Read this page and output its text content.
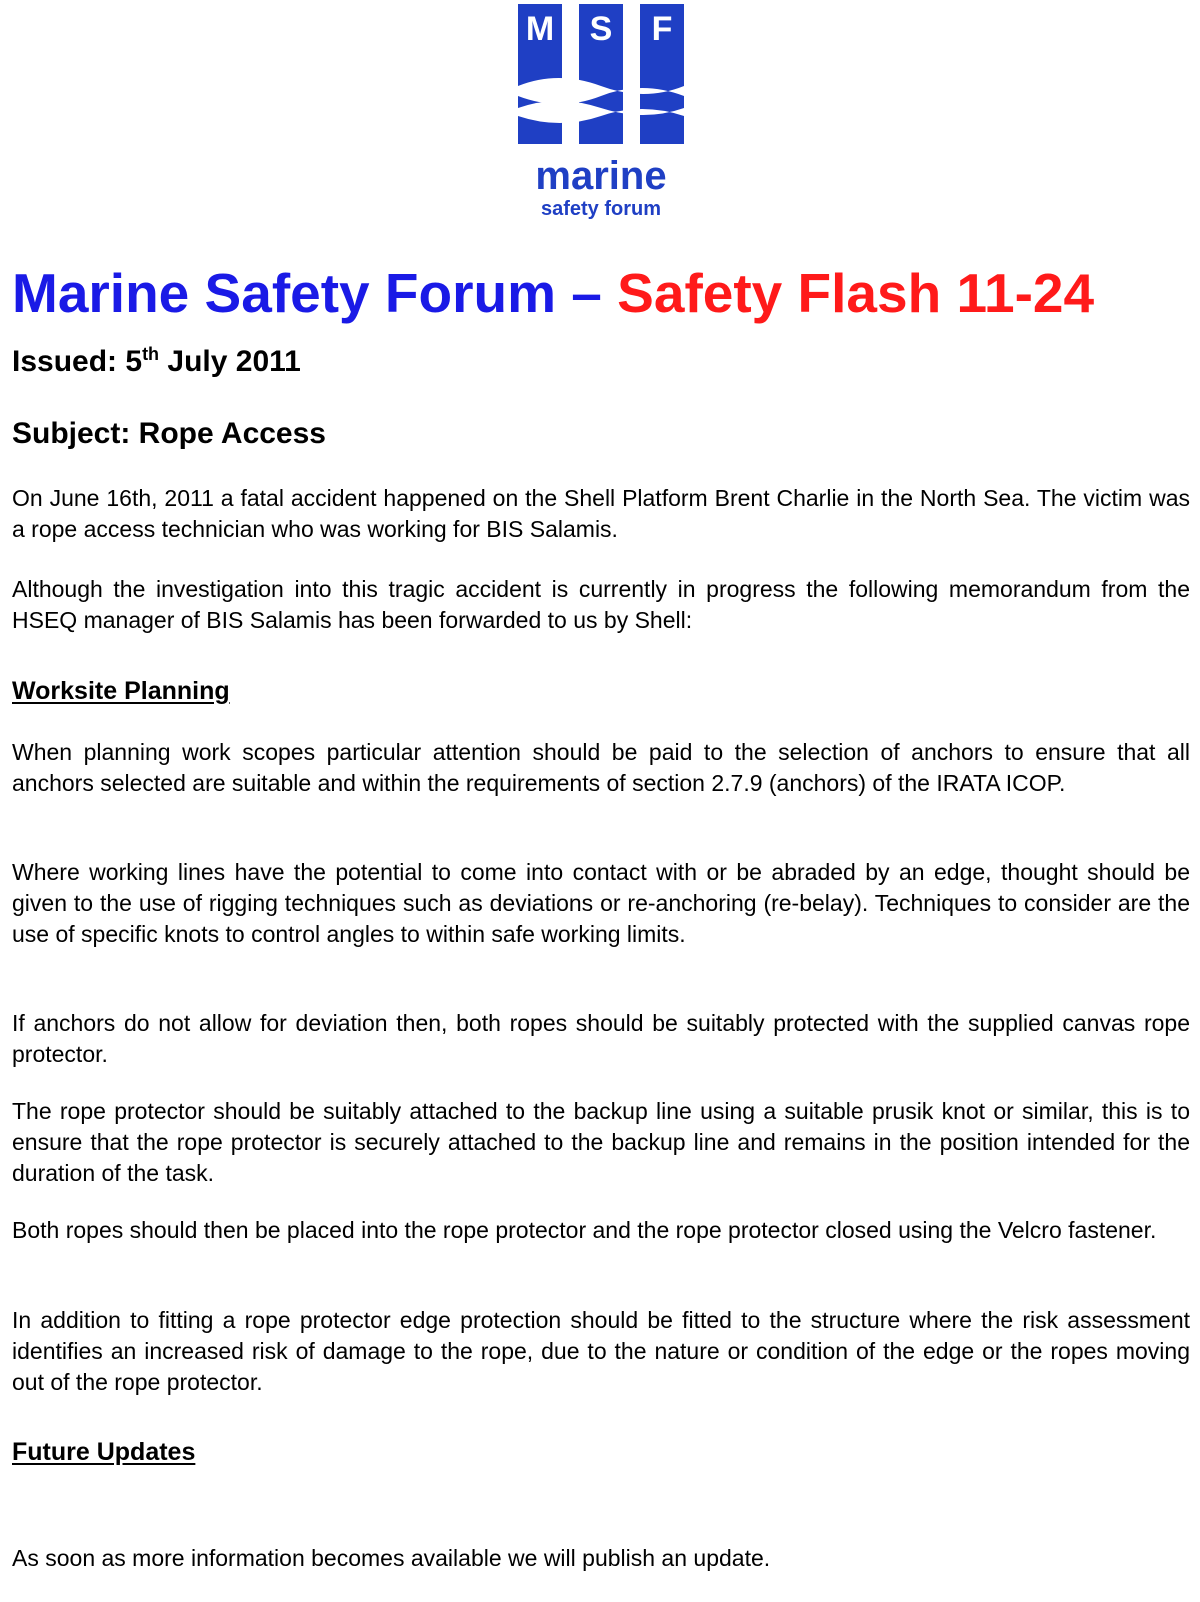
M S F
marine
safety forum
Marine Safety Forum – Safety Flash 11-24
Issued: 5th July 2011
Subject: Rope Access

On June 16th, 2011 a fatal accident happened on the Shell Platform Brent Charlie in the North Sea. The victim was a rope access technician who was working for BIS Salamis.

Although the investigation into this tragic accident is currently in progress the following memorandum from the HSEQ manager of BIS Salamis has been forwarded to us by Shell:

Worksite Planning

When planning work scopes particular attention should be paid to the selection of anchors to ensure that all anchors selected are suitable and within the requirements of section 2.7.9 (anchors) of the IRATA ICOP.

Where working lines have the potential to come into contact with or be abraded by an edge, thought should be given to the use of rigging techniques such as deviations or re-anchoring (re-belay). Techniques to consider are the use of specific knots to control angles to within safe working limits.

If anchors do not allow for deviation then, both ropes should be suitably protected with the supplied canvas rope protector.

The rope protector should be suitably attached to the backup line using a suitable prusik knot or similar, this is to ensure that the rope protector is securely attached to the backup line and remains in the position intended for the duration of the task.

Both ropes should then be placed into the rope protector and the rope protector closed using the Velcro fastener.

In addition to fitting a rope protector edge protection should be fitted to the structure where the risk assessment identifies an increased risk of damage to the rope, due to the nature or condition of the edge or the ropes moving out of the rope protector.

Future Updates

As soon as more information becomes available we will publish an update.
